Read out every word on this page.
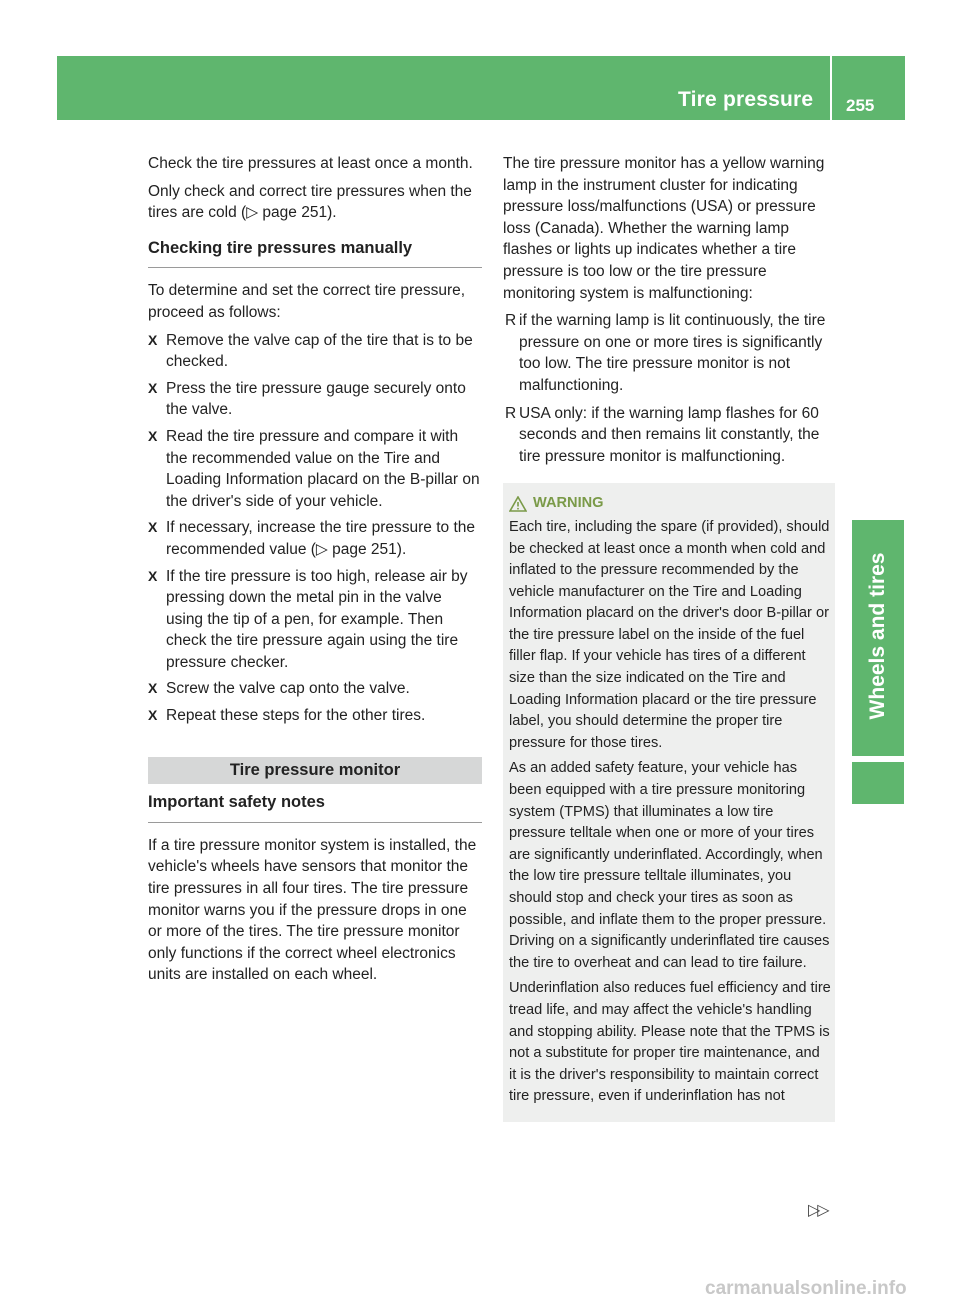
Tire pressure 255
Wheels and tires

Check the tire pressures at least once a month.

Only check and correct tire pressures when the tires are cold (▷ page 251).

Checking tire pressures manually

To determine and set the correct tire pressure, proceed as follows:

X Remove the valve cap of the tire that is to be checked.
X Press the tire pressure gauge securely onto the valve.
X Read the tire pressure and compare it with the recommended value on the Tire and Loading Information placard on the B-pillar on the driver's side of your vehicle.
X If necessary, increase the tire pressure to the recommended value (▷ page 251).
X If the tire pressure is too high, release air by pressing down the metal pin in the valve using the tip of a pen, for example. Then check the tire pressure again using the tire pressure checker.
X Screw the valve cap onto the valve.
X Repeat these steps for the other tires.
Tire pressure monitor
Important safety notes

If a tire pressure monitor system is installed, the vehicle's wheels have sensors that monitor the tire pressures in all four tires. The tire pressure monitor warns you if the pressure drops in one or more of the tires. The tire pressure monitor only functions if the correct wheel electronics units are installed on each wheel.

The tire pressure monitor has a yellow warning lamp in the instrument cluster for indicating pressure loss/malfunctions (USA) or pressure loss (Canada). Whether the warning lamp flashes or lights up indicates whether a tire pressure is too low or the tire pressure monitoring system is malfunctioning:

R if the warning lamp is lit continuously, the tire pressure on one or more tires is significantly too low. The tire pressure monitor is not malfunctioning.
R USA only: if the warning lamp flashes for 60 seconds and then remains lit constantly, the tire pressure monitor is malfunctioning.
WARNING

Each tire, including the spare (if provided), should be checked at least once a month when cold and inflated to the pressure recommended by the vehicle manufacturer on the Tire and Loading Information placard on the driver's door B-pillar or the tire pressure label on the inside of the fuel filler flap. If your vehicle has tires of a different size than the size indicated on the Tire and Loading Information placard or the tire pressure label, you should determine the proper tire pressure for those tires.

As an added safety feature, your vehicle has been equipped with a tire pressure monitoring system (TPMS) that illuminates a low tire pressure telltale when one or more of your tires are significantly underinflated. Accordingly, when the low tire pressure telltale illuminates, you should stop and check your tires as soon as possible, and inflate them to the proper pressure. Driving on a significantly underinflated tire causes the tire to overheat and can lead to tire failure.

Underinflation also reduces fuel efficiency and tire tread life, and may affect the vehicle's handling and stopping ability. Please note that the TPMS is not a substitute for proper tire maintenance, and it is the driver's responsibility to maintain correct tire pressure, even if underinflation has not

▷▷
carmanualsonline.info
